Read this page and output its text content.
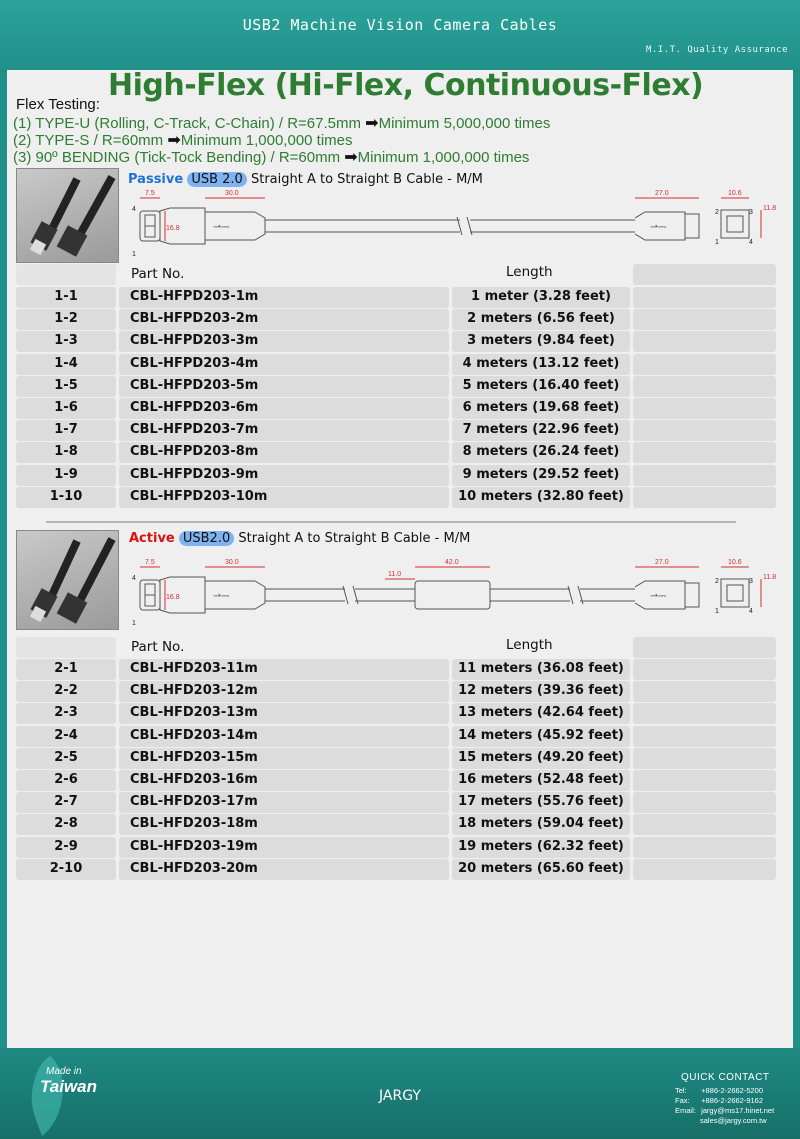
USB2 Machine Vision Camera Cables
M.I.T. Quality Assurance
High-Flex (Hi-Flex, Continuous-Flex)
Flex Testing:
(1) TYPE-U (Rolling, C-Track, C-Chain) / R=67.5mm ➡Minimum 5,000,000 times
(2) TYPE-S / R=60mm ➡Minimum 1,000,000 times
(3) 90º BENDING (Tick-Tock Bending) / R=60mm ➡Minimum 1,000,000 times
Passive USB 2.0 Straight A to Straight B Cable - M/M
⇀⎓	⇀⎓
7.5	30.0
16.8
27.0	10.6
11.8
4
1
2	3
1	4
Part No.	Length
1-1	CBL-HFPD203-1m	1 meter (3.28 feet)
1-2	CBL-HFPD203-2m	2 meters (6.56 feet)
1-3	CBL-HFPD203-3m	3 meters (9.84 feet)
1-4	CBL-HFPD203-4m	4 meters (13.12 feet)
1-5	CBL-HFPD203-5m	5 meters (16.40 feet)
1-6	CBL-HFPD203-6m	6 meters (19.68 feet)
1-7	CBL-HFPD203-7m	7 meters (22.96 feet)
1-8	CBL-HFPD203-8m	8 meters (26.24 feet)
1-9	CBL-HFPD203-9m	9 meters (29.52 feet)
1-10	CBL-HFPD203-10m	10 meters (32.80 feet)
Active USB2.0 Straight A to Straight B Cable - M/M
⇀⎓	⇀⎓
7.5	30.0
16.8
11.0
42.0	27.0	10.6
11.8
4
1
2	3
1	4
Part No.	Length
2-1	CBL-HFD203-11m	11 meters (36.08 feet)
2-2	CBL-HFD203-12m	12 meters (39.36 feet)
2-3	CBL-HFD203-13m	13 meters (42.64 feet)
2-4	CBL-HFD203-14m	14 meters (45.92 feet)
2-5	CBL-HFD203-15m	15 meters (49.20 feet)
2-6	CBL-HFD203-16m	16 meters (52.48 feet)
2-7	CBL-HFD203-17m	17 meters (55.76 feet)
2-8	CBL-HFD203-18m	18 meters (59.04 feet)
2-9	CBL-HFD203-19m	19 meters (62.32 feet)
2-10	CBL-HFD203-20m	20 meters (65.60 feet)
Made in
Taiwan	JARGY
QUICK CONTACT
Tel: +886-2-2662-5200
Fax: +886-2-2662-9162
Email: jargy@ms17.hinet.net
sales@jargy.com.tw
